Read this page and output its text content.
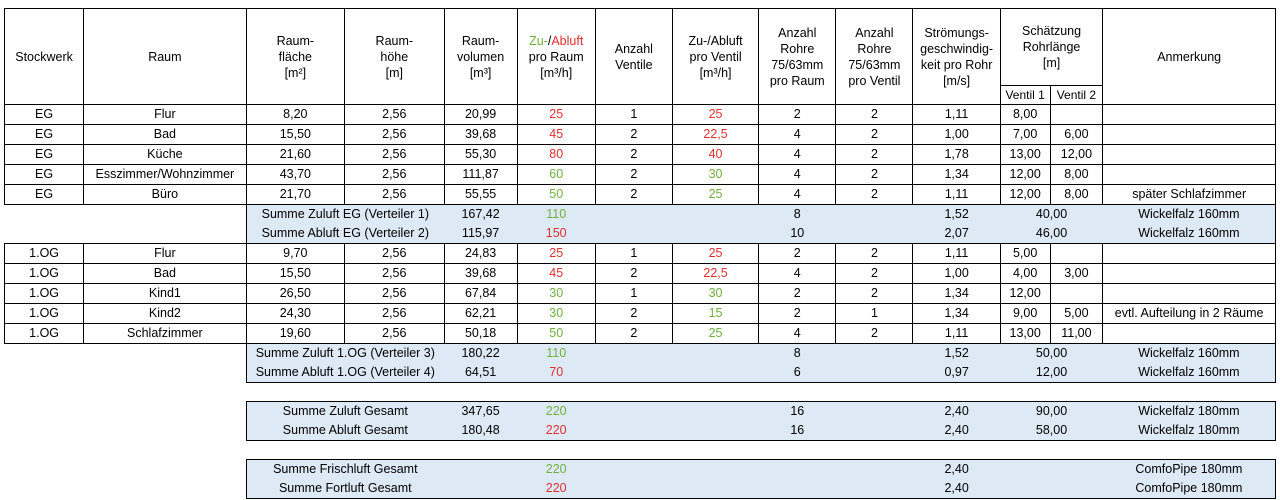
Stockwerk	Raum	Raum-
fläche
[m²]	Raum-
höhe
[m]	Raum-
volumen
[m³]	Zu-/Abluft
pro Raum
[m³/h]	Anzahl
Ventile	Zu-/Abluft
pro Ventil
[m³/h]	Anzahl
Rohre
75/63mm
pro Raum	Anzahl
Rohre
75/63mm
pro Ventil	Strömungs-
geschwindig-
keit pro Rohr
[m/s]	Schätzung
Rohrlänge
[m]		Anmerkung
											Ventil 1	Ventil 2	
EG	Flur	8,20	2,56	20,99	25	1	25	2	2	1,11	8,00		
EG	Bad	15,50	2,56	39,68	45	2	22,5	4	2	1,00	7,00	6,00	
EG	Küche	21,60	2,56	55,30	80	2	40	4	2	1,78	13,00	12,00	
EG	Esszimmer/Wohnzimmer	43,70	2,56	111,87	60	2	30	4	2	1,34	12,00	8,00	
EG	Büro	21,70	2,56	55,55	50	2	25	4	2	1,11	12,00	8,00	später Schlafzimmer
		Summe Zuluft EG (Verteiler 1)		167,42	110			8		1,52	40,00		Wickelfalz 160mm
		Summe Abluft EG (Verteiler 2)		115,97	150			10		2,07	46,00		Wickelfalz 160mm
1.OG	Flur	9,70	2,56	24,83	25	1	25	2	2	1,11	5,00		
1.OG	Bad	15,50	2,56	39,68	45	2	22,5	4	2	1,00	4,00	3,00	
1.OG	Kind1	26,50	2,56	67,84	30	1	30	2	2	1,34	12,00		
1.OG	Kind2	24,30	2,56	62,21	30	2	15	2	1	1,34	9,00	5,00	evtl. Aufteilung in 2 Räume
1.OG	Schlafzimmer	19,60	2,56	50,18	50	2	25	4	2	1,11	13,00	11,00	
		Summe Zuluft 1.OG (Verteiler 3)		180,22	110			8		1,52	50,00		Wickelfalz 160mm
		Summe Abluft 1.OG (Verteiler 4)		64,51	70			6		0,97	12,00		Wickelfalz 160mm

		Summe Zuluft Gesamt		347,65	220			16		2,40	90,00		Wickelfalz 180mm
		Summe Abluft Gesamt		180,48	220			16		2,40	58,00		Wickelfalz 180mm

		Summe Frischluft Gesamt			220					2,40			ComfoPipe 180mm
		Summe Fortluft Gesamt			220					2,40			ComfoPipe 180mm
